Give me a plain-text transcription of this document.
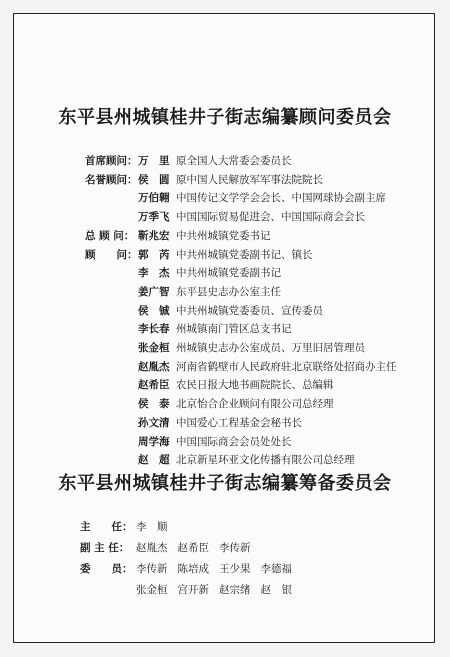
东平县州城镇桂井子街志编纂顾问委员会
首席顾问： 万　里 原全国人大常委会委员长
名誉顾问： 侯　圆 原中国人民解放军军事法院院长
万伯翱 中国传记文学学会会长、中国网球协会副主席
万季飞 中国国际贸易促进会、中国国际商会会长
总 顾 问： 靳兆宏 中共州城镇党委书记
顾　　问： 郭　芮 中共州城镇党委副书记、镇长
李　杰 中共州城镇党委副书记
姜广智 东平县史志办公室主任
侯　铖 中共州城镇党委委员、宣传委员
李长春 州城镇南门管区总支书记
张金桓 州城镇史志办公室成员、万里旧居管理员
赵胤杰 河南省鹤壁市人民政府驻北京联络处招商办主任
赵希臣 农民日报大地书画院院长、总编辑
侯　泰 北京怡合企业顾问有限公司总经理
孙文清 中国爱心工程基金会秘书长
周学海 中国国际商会会员处处长
赵　超 北京新星环亚文化传播有限公司总经理
东平县州城镇桂井子街志编纂筹备委员会
主　　任： 李　顺
副 主 任： 赵胤杰 赵希臣 李传新
委　　员： 李传新 陈培成 王少果 李德福
张金桓 宫开新 赵宗绪 赵　银
